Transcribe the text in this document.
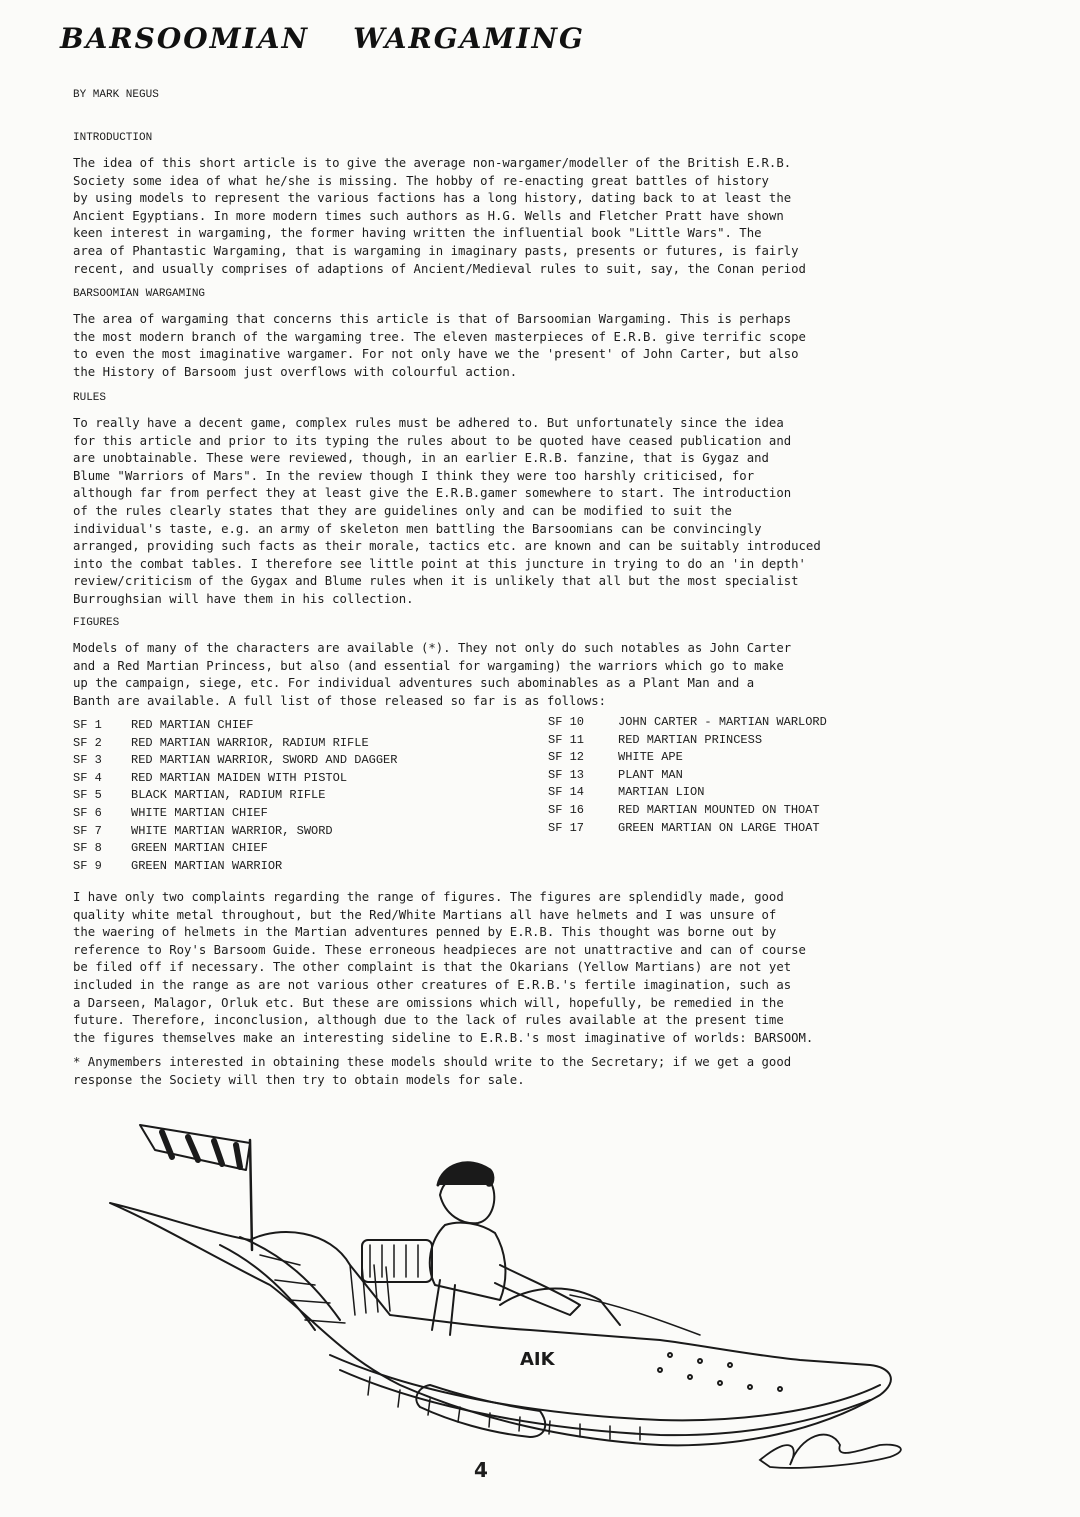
BARSOOMIAN WARGAMING
BY MARK NEGUS

INTRODUCTION

The idea of this short article is to give the average non-wargamer/modeller of the British E.R.B.

Society some idea of what he/she is missing. The hobby of re-enacting great battles of history

by using models to represent the various factions has a long history, dating back to at least the

Ancient Egyptians. In more modern times such authors as H.G. Wells and Fletcher Pratt have shown

keen interest in wargaming, the former having written the influential book "Little Wars". The

area of Phantastic Wargaming, that is wargaming in imaginary pasts, presents or futures, is fairly

recent, and usually comprises of adaptions of Ancient/Medieval rules to suit, say, the Conan period

BARSOOMIAN WARGAMING

The area of wargaming that concerns this article is that of Barsoomian Wargaming. This is perhaps

the most modern branch of the wargaming tree. The eleven masterpieces of E.R.B. give terrific scope

to even the most imaginative wargamer. For not only have we the 'present' of John Carter, but also

the History of Barsoom just overflows with colourful action.

RULES

To really have a decent game, complex rules must be adhered to. But unfortunately since the idea

for this article and prior to its typing the rules about to be quoted have ceased publication and

are unobtainable. These were reviewed, though, in an earlier E.R.B. fanzine, that is Gygaz and

Blume "Warriors of Mars". In the review though I think they were too harshly criticised, for

although far from perfect they at least give the E.R.B.gamer somewhere to start. The introduction

of the rules clearly states that they are guidelines only and can be modified to suit the

individual's taste, e.g. an army of skeleton men battling the Barsoomians can be convincingly

arranged, providing such facts as their morale, tactics etc. are known and can be suitably introduced

into the combat tables. I therefore see little point at this juncture in trying to do an 'in depth'

review/criticism of the Gygax and Blume rules when it is unlikely that all but the most specialist

Burroughsian will have them in his collection.

FIGURES

Models of many of the characters are available (*). They not only do such notables as John Carter

and a Red Martian Princess, but also (and essential for wargaming) the warriors which go to make

up the campaign, siege, etc. For individual adventures such abominables as a Plant Man and a

Banth are available. A full list of those released so far is as follows:

SF 1	RED MARTIAN CHIEF
SF 2	RED MARTIAN WARRIOR, RADIUM RIFLE
SF 3	RED MARTIAN WARRIOR, SWORD AND DAGGER
SF 4	RED MARTIAN MAIDEN WITH PISTOL
SF 5	BLACK MARTIAN, RADIUM RIFLE
SF 6	WHITE MARTIAN CHIEF
SF 7	WHITE MARTIAN WARRIOR, SWORD
SF 8	GREEN MARTIAN CHIEF
SF 9	GREEN MARTIAN WARRIOR
SF 10	JOHN CARTER - MARTIAN WARLORD
SF 11	RED MARTIAN PRINCESS
SF 12	WHITE APE
SF 13	PLANT MAN
SF 14	MARTIAN LION
SF 16	RED MARTIAN MOUNTED ON THOAT
SF 17	GREEN MARTIAN ON LARGE THOAT

I have only two complaints regarding the range of figures. The figures are splendidly made, good

quality white metal throughout, but the Red/White Martians all have helmets and I was unsure of

the waering of helmets in the Martian adventures penned by E.R.B. This thought was borne out by

reference to Roy's Barsoom Guide. These erroneous headpieces are not unattractive and can of course

be filed off if necessary. The other complaint is that the Okarians (Yellow Martians) are not yet

included in the range as are not various other creatures of E.R.B.'s fertile imagination, such as

a Darseen, Malagor, Orluk etc. But these are omissions which will, hopefully, be remedied in the

future. Therefore, inconclusion, although due to the lack of rules available at the present time

the figures themselves make an interesting sideline to E.R.B.'s most imaginative of worlds: BARSOOM.

* Anymembers interested in obtaining these models should write to the Secretary; if we get a good

response the Society will then try to obtain models for sale.

AIK
4
